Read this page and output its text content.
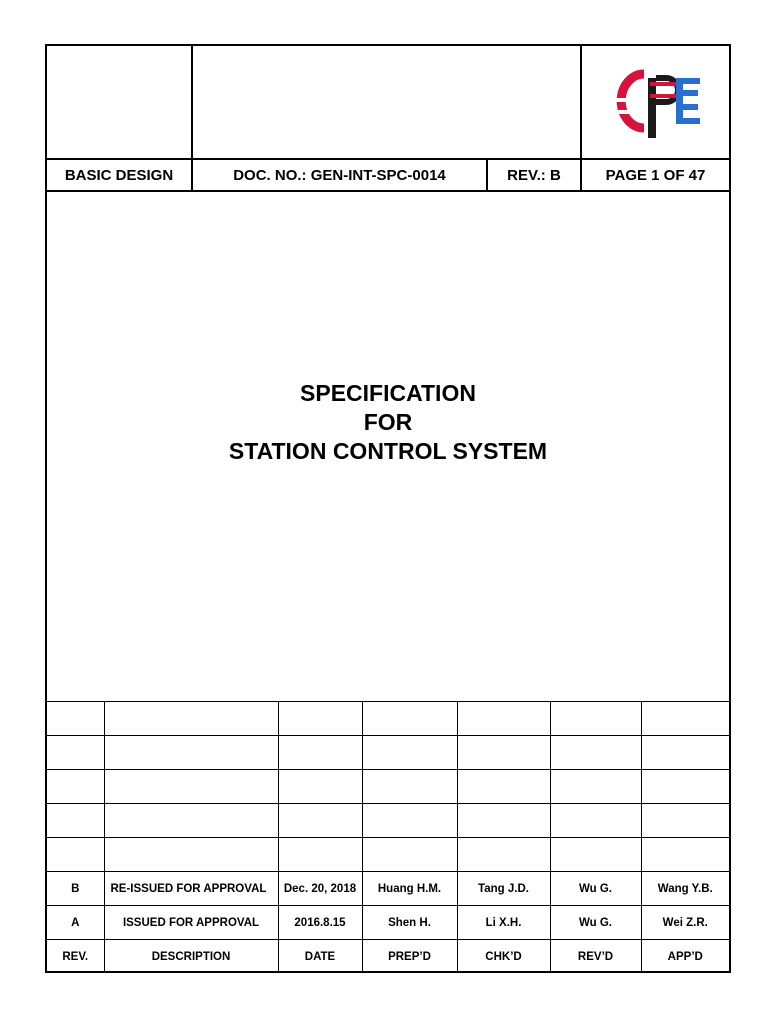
BASIC DESIGN	DOC. NO.: GEN-INT-SPC-0014	REV.: B	PAGE 1 OF 47
SPECIFICATION
FOR
STATION CONTROL SYSTEM

B	RE-ISSUED FOR APPROVAL	Dec. 20, 2018	Huang H.M.	Tang J.D.	Wu G.	Wang Y.B.
A	ISSUED FOR APPROVAL	2016.8.15	Shen H.	Li X.H.	Wu G.	Wei Z.R.
REV.	DESCRIPTION	DATE	PREP’D	CHK’D	REV’D	APP’D
